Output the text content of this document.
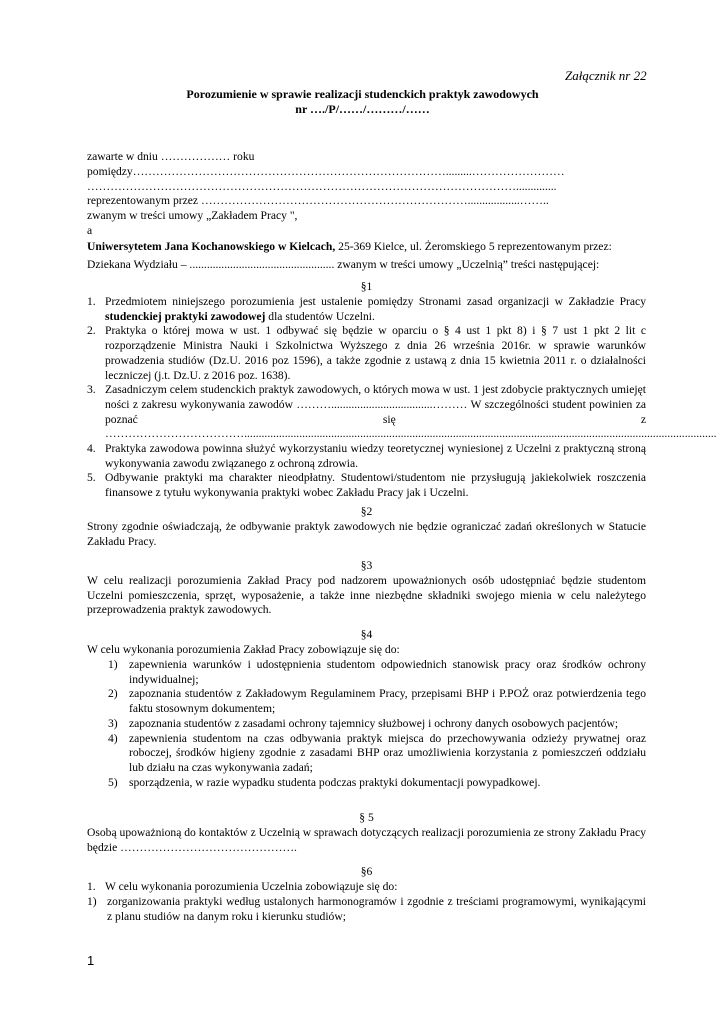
Załącznik nr 22
Porozumienie w sprawie realizacji studenckich praktyk zawodowych
nr …./P/……/………/……
zawarte w dniu ……………… roku
pomiędzy……………………………………………………………………….........……………………
…………………………………………………………………………………………………..............
reprezentowanym przez ……………………………………………………………..................……..
zwanym w treści umowy „Zakładem Pracy ",
a
Uniwersytetem Jana Kochanowskiego w Kielcach, 25-369 Kielce, ul. Żeromskiego 5 reprezentowanym przez:
Dziekana Wydziału – .................................................. zwanym w treści umowy „Uczelnią” treści następującej:
§1
1. Przedmiotem niniejszego porozumienia jest ustalenie pomiędzy Stronami zasad organizacji w Zakładzie Pracy studenckiej praktyki zawodowej dla studentów Uczelni.
2. Praktyka o której mowa w ust. 1 odbywać się będzie w oparciu o § 4 ust 1 pkt 8) i § 7 ust 1 pkt 2 lit c rozporządzenie Ministra Nauki i Szkolnictwa Wyższego z dnia 26 września 2016r. w sprawie warunków prowadzenia studiów (Dz.U. 2016 poz 1596), a także zgodnie z ustawą z dnia 15 kwietnia 2011 r. o działalności leczniczej (j.t. Dz.U. z 2016 poz. 1638).
3. Zasadniczym celem studenckich praktyk zawodowych, o których mowa w ust. 1 jest zdobycie praktycznych umiejętności z zakresu wykonywania zawodów ………...................................……… W szczególności student powinien zapoznać się z ………………………………...................................................................................................................................................................
4. Praktyka zawodowa powinna służyć wykorzystaniu wiedzy teoretycznej wyniesionej z Uczelni z praktyczną stroną wykonywania zawodu związanego z ochroną zdrowia.
5. Odbywanie praktyki ma charakter nieodpłatny. Studentowi/studentom nie przysługują jakiekolwiek roszczenia finansowe z tytułu wykonywania praktyki wobec Zakładu Pracy jak i Uczelni.
§2
Strony zgodnie oświadczają, że odbywanie praktyk zawodowych nie będzie ograniczać zadań określonych w Statucie Zakładu Pracy.
§3
W celu realizacji porozumienia Zakład Pracy pod nadzorem upoważnionych osób udostępniać będzie studentom Uczelni pomieszczenia, sprzęt, wyposażenie, a także inne niezbędne składniki swojego mienia w celu należytego przeprowadzenia praktyk zawodowych.
§4
W celu wykonania porozumienia Zakład Pracy zobowiązuje się do:
1) zapewnienia warunków i udostępnienia studentom odpowiednich stanowisk pracy oraz środków ochrony indywidualnej;
2) zapoznania studentów z Zakładowym Regulaminem Pracy, przepisami BHP i P.POŻ oraz potwierdzenia tego faktu stosownym dokumentem;
3) zapoznania studentów z zasadami ochrony tajemnicy służbowej i ochrony danych osobowych pacjentów;
4) zapewnienia studentom na czas odbywania praktyk miejsca do przechowywania odzieży prywatnej oraz roboczej, środków higieny zgodnie z zasadami BHP oraz umożliwienia korzystania z pomieszczeń oddziału lub działu na czas wykonywania zadań;
5) sporządzenia, w razie wypadku studenta podczas praktyki dokumentacji powypadkowej.
§ 5
Osobą upoważnioną do kontaktów z Uczelnią w sprawach dotyczących realizacji porozumienia ze strony Zakładu Pracy będzie ……………………………………….
§6
1. W celu wykonania porozumienia Uczelnia zobowiązuje się do:
1) zorganizowania praktyki według ustalonych harmonogramów i zgodnie z treściami programowymi, wynikającymi z planu studiów na danym roku i kierunku studiów;
1
